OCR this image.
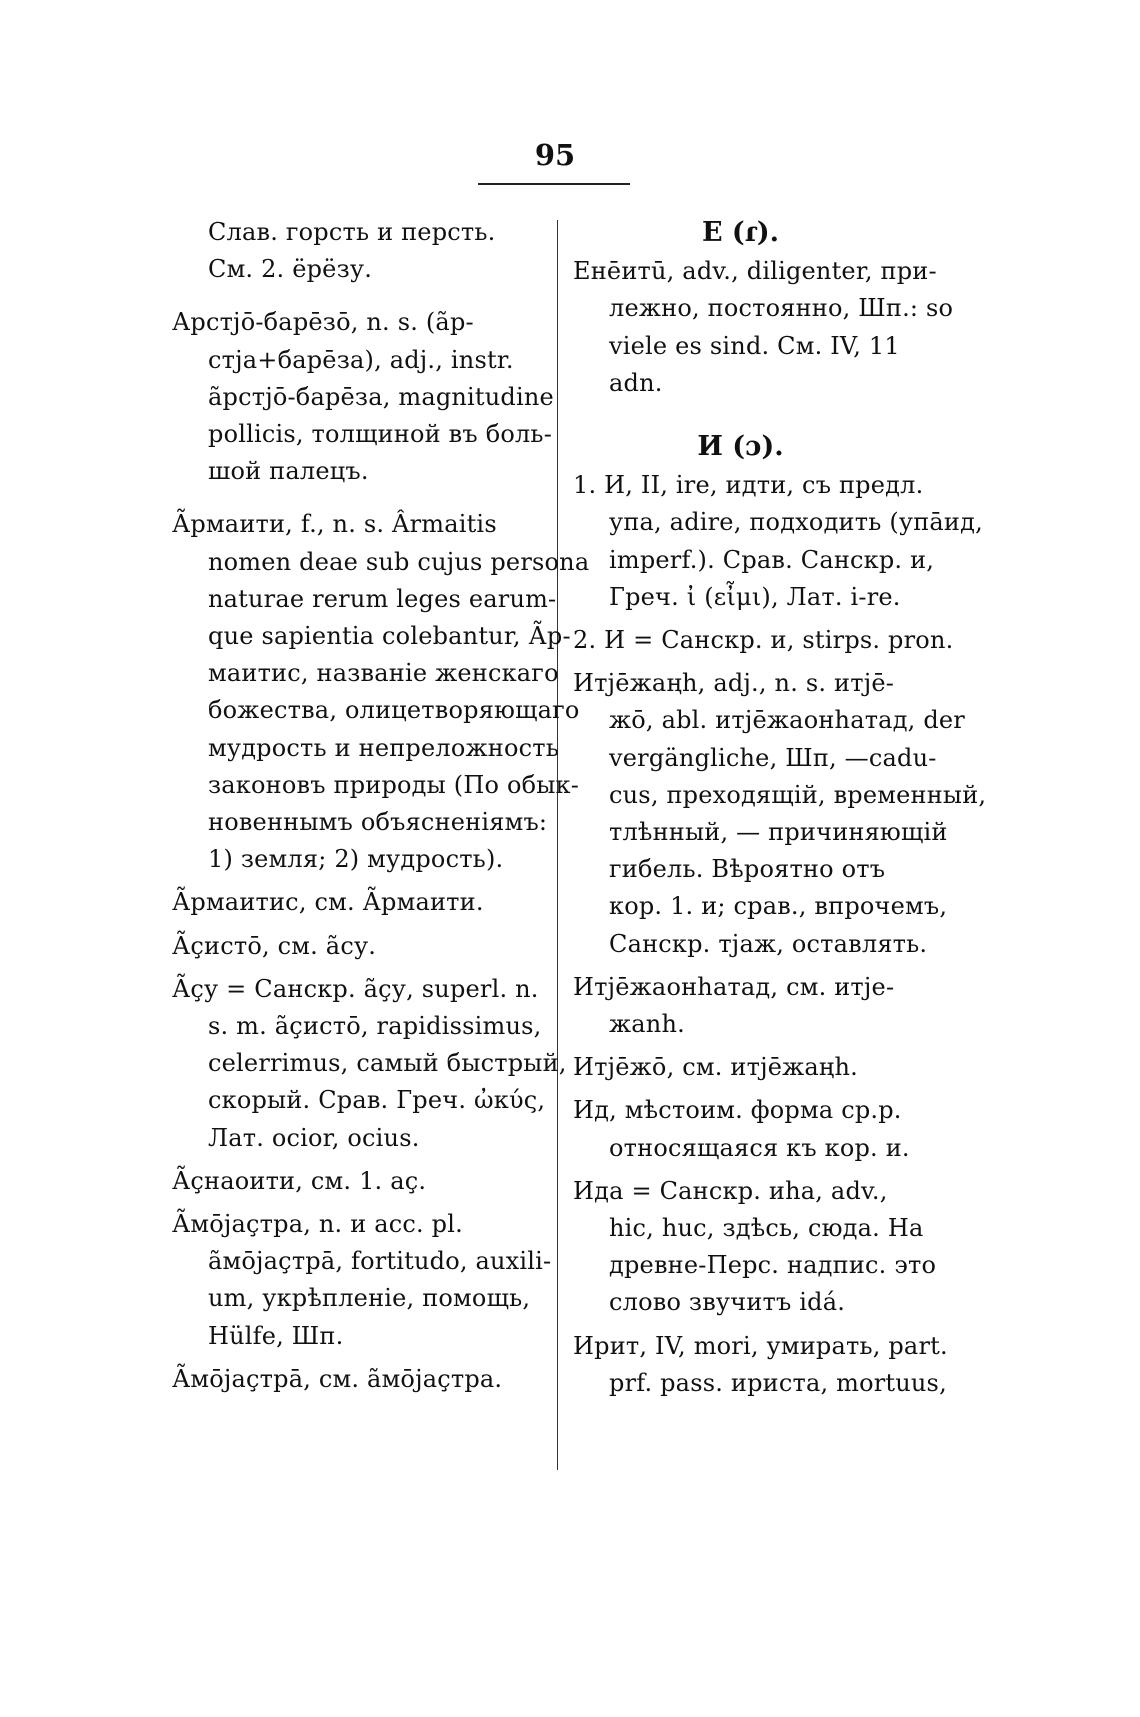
95
Слав. горсть и персть.
См. 2. ёрёзу.
Арстјō-барēзō, n. s. (ãр-
стја+барēза), adj., instr.
ãрстјō-барēза, magnitudine
pollicis, толщиной въ боль-
шой палецъ.
А̃рмаити, f., n. s. Ârmaitis
nomen deae sub cujus persona
naturae rerum leges earum-
que sapientia colebantur, А̃р-
маитис, названіе женскаго
божества, олицетворяющаго
мудрость и непреложность
законовъ природы (По обык-
новеннымъ объясненіямъ:
1) земля; 2) мудрость).
А̃рмаитис, см. А̃рмаити.
А̃çистō, см. ãсу.
А̃çу = Санскр. ãçу, superl. n.
s. m. ãçистō, rapidissimus,
celerrimus, самый быстрый,
скорый. Срав. Греч. ὠκύς,
Лат. ocior, ocius.
А̃çнаоити, см. 1. аç.
А̃мōјаçтра, n. и acc. pl.
ãмōјаçтрā, fortitudo, auxili-
um, укрѣпленіе, помощь,
Hülfe, Шп.
А̃мōјаçтрā, см. ãмōјаçтра.
Е (ɾ).
Енēитū, adv., diligenter, при-
лежно, постоянно, Шп.: so
viele es sind. См. IV, 11
adn.
И (ɔ).
1. И, II, ire, идти, съ предл.
упа, adire, подходить (упāид,
imperf.). Срав. Санскр. и,
Греч. ἰ (εἶμι), Лат. i-re.
2. И = Санскр. и, stirps. pron.
Итјēжаңh, adj., n. s. итјē-
жō, abl. итјēжаонhатад, der
vergängliche, Шп, —cadu-
cus, преходящій, временный,
тлѣнный, — причиняющій
гибель. Вѣроятно отъ
кор. 1. и; срав., впрочемъ,
Санскр. тјаж, оставлять.
Итјēжаонhатад, см. итје-
жаnh.
Итјēжō, см. итјēжаңh.
Ид, мѣстоим. форма ср.р.
относящаяся къ кор. и.
Ида = Санскр. иhа, adv.,
hic, huc, здѣсь, сюда. На
древне-Перс. надпис. это
слово звучитъ idá.
Ирит, IV, mori, умирать, part.
prf. pass. ириста, mortuus,
